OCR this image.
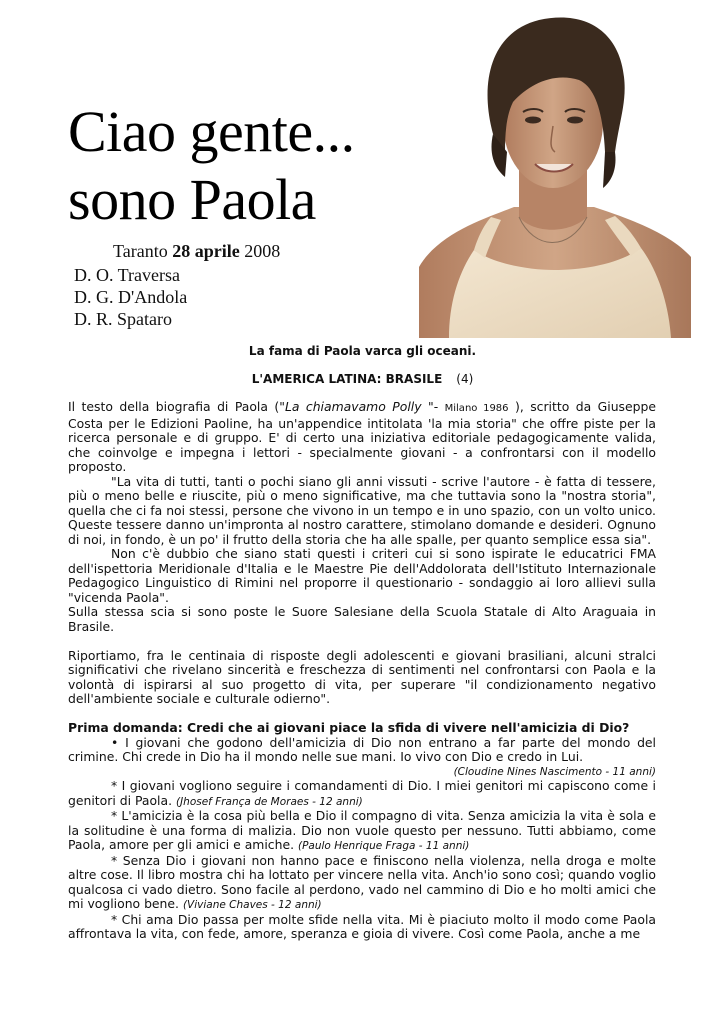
Ciao gente...
sono Paola
Taranto 28 aprile 2008
D. O. Traversa
D. G. D'Andola
D. R. Spataro
La fama di Paola varca gli oceani.
L'AMERICA LATINA: BRASILE (4)

Il testo della biografia di Paola ("La chiamavamo Polly "- Milano 1986 ), scritto da Giuseppe Costa per le Edizioni Paoline, ha un'appendice intitolata 'la mia storia" che offre piste per la ricerca personale e di gruppo. E' di certo una iniziativa editoriale pedagogicamente valida, che coinvolge e impegna i lettori - specialmente giovani - a confrontarsi con il modello proposto.

"La vita di tutti, tanti o pochi siano gli anni vissuti - scrive l'autore - è fatta di tessere, più o meno belle e riuscite, più o meno significative, ma che tuttavia sono la "nostra storia", quella che ci fa noi stessi, persone che vivono in un tempo e in uno spazio, con un volto unico. Queste tessere danno un'impronta al nostro carattere, stimolano domande e desideri. Ognuno di noi, in fondo, è un po' il frutto della storia che ha alle spalle, per quanto semplice essa sia".

Non c'è dubbio che siano stati questi i criteri cui si sono ispirate le educatrici FMA dell'ispettoria Meridionale d'Italia e le Maestre Pie dell'Addolorata dell'Istituto Internazionale Pedagogico Linguistico di Rimini nel proporre il questionario - sondaggio ai loro allievi sulla "vicenda Paola".

Sulla stessa scia si sono poste le Suore Salesiane della Scuola Statale di Alto Araguaia in Brasile.

Riportiamo, fra le centinaia di risposte degli adolescenti e giovani brasiliani, alcuni stralci significativi che rivelano sincerità e freschezza di sentimenti nel confrontarsi con Paola e la volontà di ispirarsi al suo progetto di vita, per superare "il condizionamento negativo dell'ambiente sociale e culturale odierno".

Prima domanda: Credi che ai giovani piace la sfida di vivere nell'amicizia di Dio?

• I giovani che godono dell'amicizia di Dio non entrano a far parte del mondo del crimine. Chi crede in Dio ha il mondo nelle sue mani. Io vivo con Dio e credo in Lui.

(Cloudine Nines Nascimento - 11 anni)

* I giovani vogliono seguire i comandamenti di Dio. I miei genitori mi capiscono come i genitori di Paola. (Jhosef França de Moraes - 12 anni)

* L'amicizia è la cosa più bella e Dio il compagno di vita. Senza amicizia la vita è sola e la solitudine è una forma di malizia. Dio non vuole questo per nessuno. Tutti abbiamo, come Paola, amore per gli amici e amiche. (Paulo Henrique Fraga - 11 anni)

* Senza Dio i giovani non hanno pace e finiscono nella violenza, nella droga e molte altre cose. Il libro mostra chi ha lottato per vincere nella vita. Anch'io sono così; quando voglio qualcosa ci vado dietro. Sono facile al perdono, vado nel cammino di Dio e ho molti amici che mi vogliono bene. (Viviane Chaves - 12 anni)

* Chi ama Dio passa per molte sfide nella vita. Mi è piaciuto molto il modo come Paola affrontava la vita, con fede, amore, speranza e gioia di vivere. Così come Paola, anche a me
